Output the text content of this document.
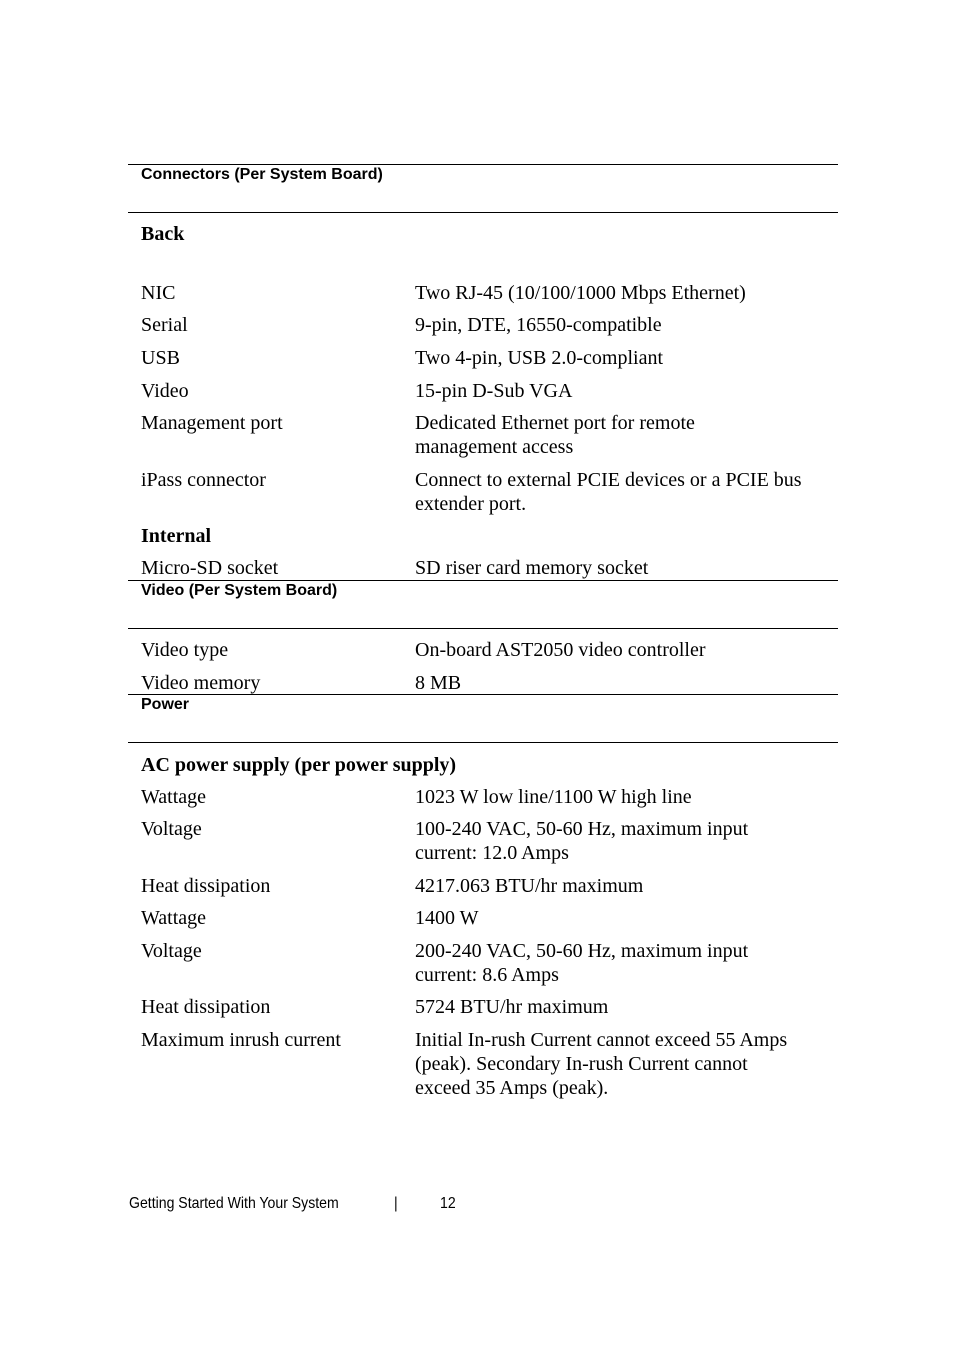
Connectors (Per System Board)
Back
NIC	Two RJ-45 (10/100/1000 Mbps Ethernet)
Serial	9-pin, DTE, 16550-compatible
USB	Two 4-pin, USB 2.0-compliant
Video	15-pin D-Sub VGA
Management port	Dedicated Ethernet port for remote management access
iPass connector	Connect to external PCIE devices or a PCIE bus extender port.
Internal
Micro-SD socket	SD riser card memory socket
Video (Per System Board)
Video type	On-board AST2050 video controller
Video memory	8 MB
Power
AC power supply (per power supply)
Wattage	1023 W low line/1100 W high line
Voltage	100-240 VAC, 50-60 Hz, maximum input current: 12.0 Amps
Heat dissipation	4217.063 BTU/hr maximum
Wattage	1400 W
Voltage	200-240 VAC, 50-60 Hz, maximum input current: 8.6 Amps
Heat dissipation	5724 BTU/hr maximum
Maximum inrush current	Initial In-rush Current cannot exceed 55 Amps (peak). Secondary In-rush Current cannot exceed 35 Amps (peak).
Getting Started With Your System	|	12
